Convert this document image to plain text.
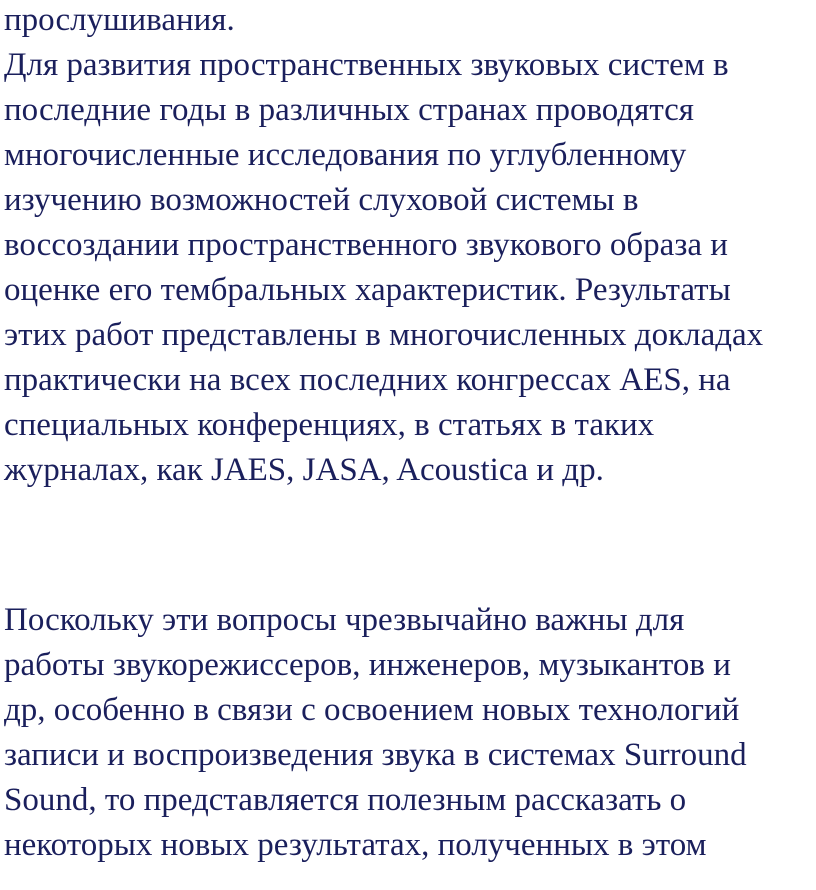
прослушивания.
Для развития пространственных звуковых систем в
последние годы в различных странах проводятся
многочисленные исследования по углубленному
изучению возможностей слуховой системы в
воссоздании пространственного звукового образа и
оценке его тембральных характеристик. Результаты
этих работ представлены в многочисленных докладах
практически на всех последних конгрессах AES, на
специальных конференциях, в статьях в таких
журналах, как JAES, JASA, Acoustica и др.
Поскольку эти вопросы чрезвычайно важны для
работы звукорежиссеров, инженеров, музыкантов и
др, особенно в связи с освоением новых технологий
записи и воспроизведения звука в системах Surround
Sound, то представляется полезным рассказать о
некоторых новых результатах, полученных в этом
